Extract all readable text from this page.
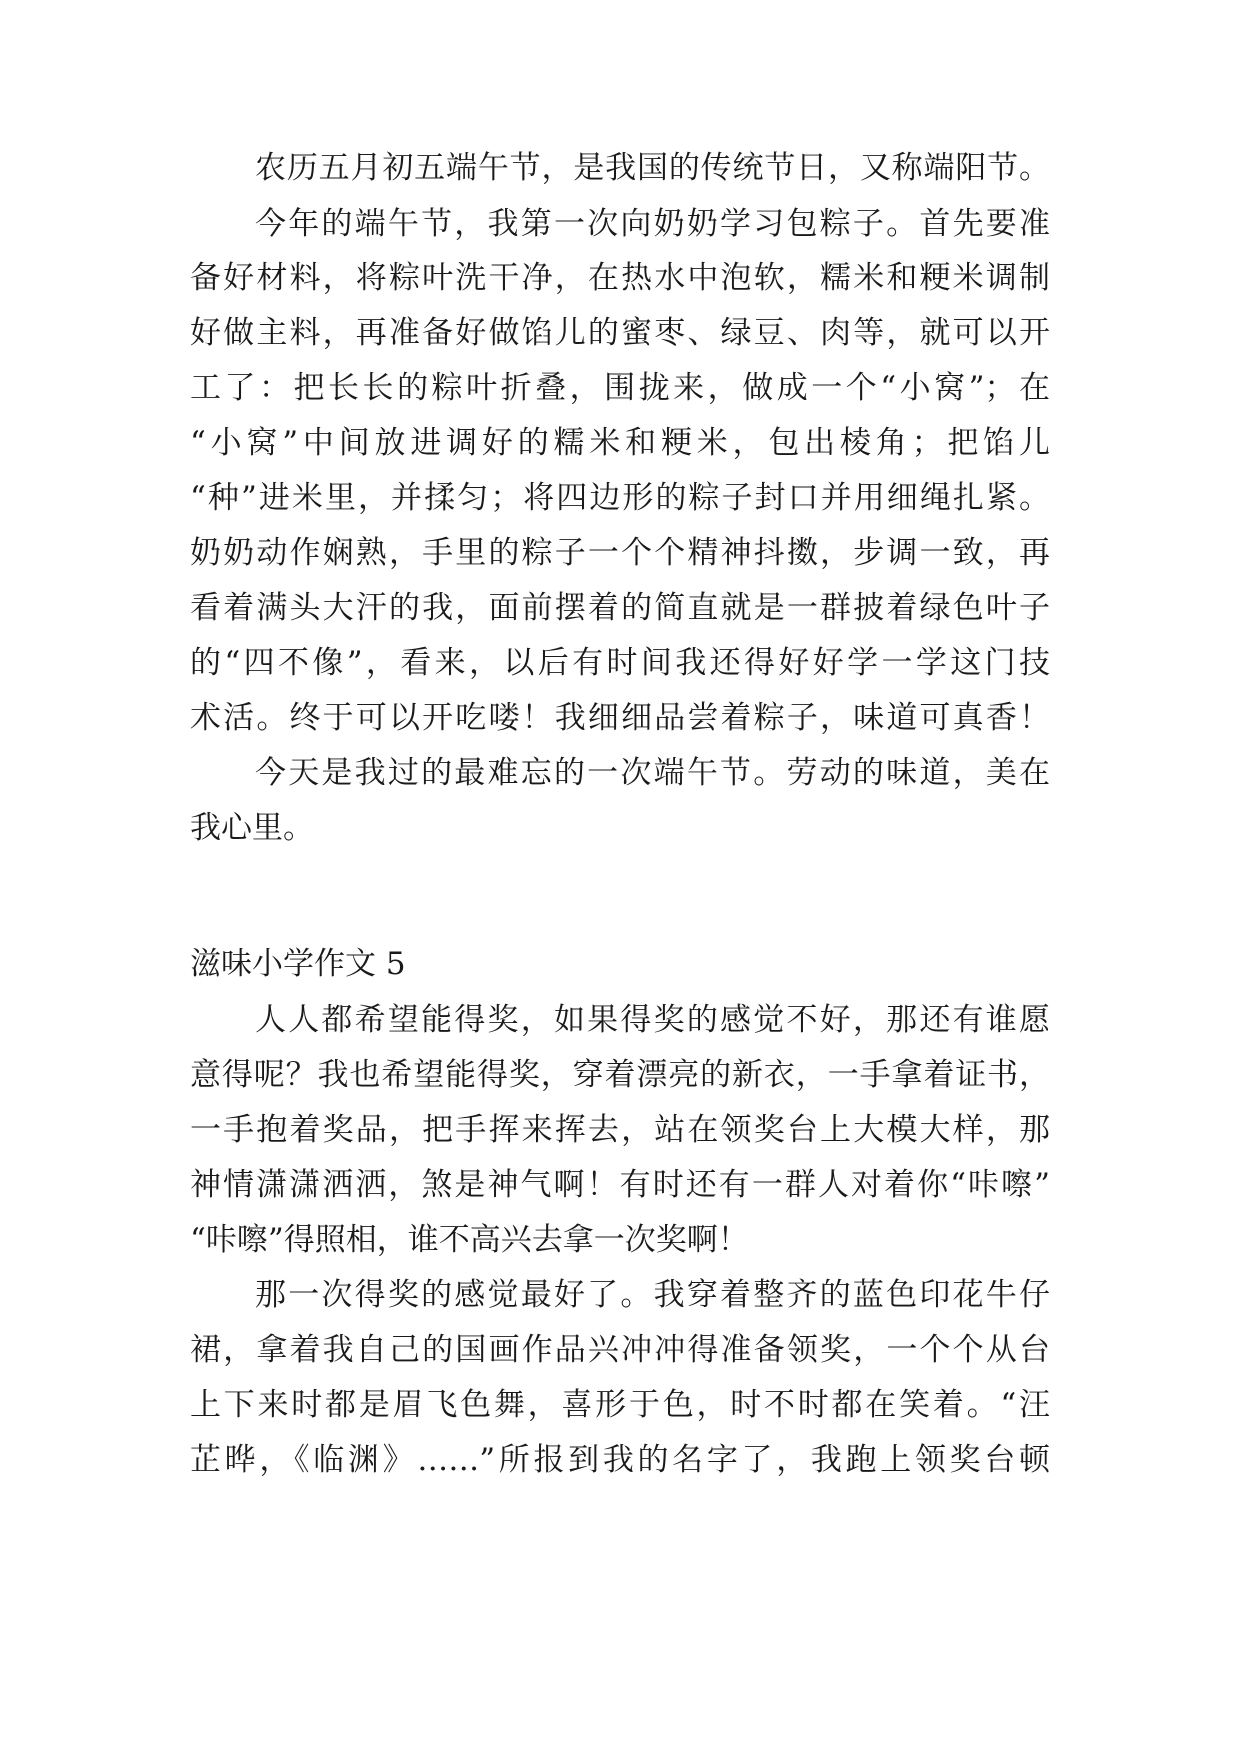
农历五月初五端午节，是我国的传统节日，又称端阳节。
今年的端午节，我第一次向奶奶学习包粽子。首先要准
备好材料，将粽叶洗干净，在热水中泡软，糯米和粳米调制
好做主料，再准备好做馅儿的蜜枣、绿豆、肉等，就可以开
工了：把长长的粽叶折叠，围拢来，做成一个“小窝”；在
“小窝”中间放进调好的糯米和粳米，包出棱角；把馅儿
“种”进米里，并揉匀；将四边形的粽子封口并用细绳扎紧。
奶奶动作娴熟，手里的粽子一个个精神抖擞，步调一致，再
看着满头大汗的我，面前摆着的简直就是一群披着绿色叶子
的“四不像”，看来，以后有时间我还得好好学一学这门技
术活。终于可以开吃喽！我细细品尝着粽子，味道可真香！
今天是我过的最难忘的一次端午节。劳动的味道，美在
我心里。
滋味小学作文 5
人人都希望能得奖，如果得奖的感觉不好，那还有谁愿
意得呢？我也希望能得奖，穿着漂亮的新衣，一手拿着证书，
一手抱着奖品，把手挥来挥去，站在领奖台上大模大样，那
神情潇潇洒洒，煞是神气啊！有时还有一群人对着你“咔嚓”
“咔嚓”得照相，谁不高兴去拿一次奖啊！
那一次得奖的感觉最好了。我穿着整齐的蓝色印花牛仔
裙，拿着我自己的国画作品兴冲冲得准备领奖，一个个从台
上下来时都是眉飞色舞，喜形于色，时不时都在笑着。“汪
芷晔，《临渊》……”所报到我的名字了，我跑上领奖台顿
